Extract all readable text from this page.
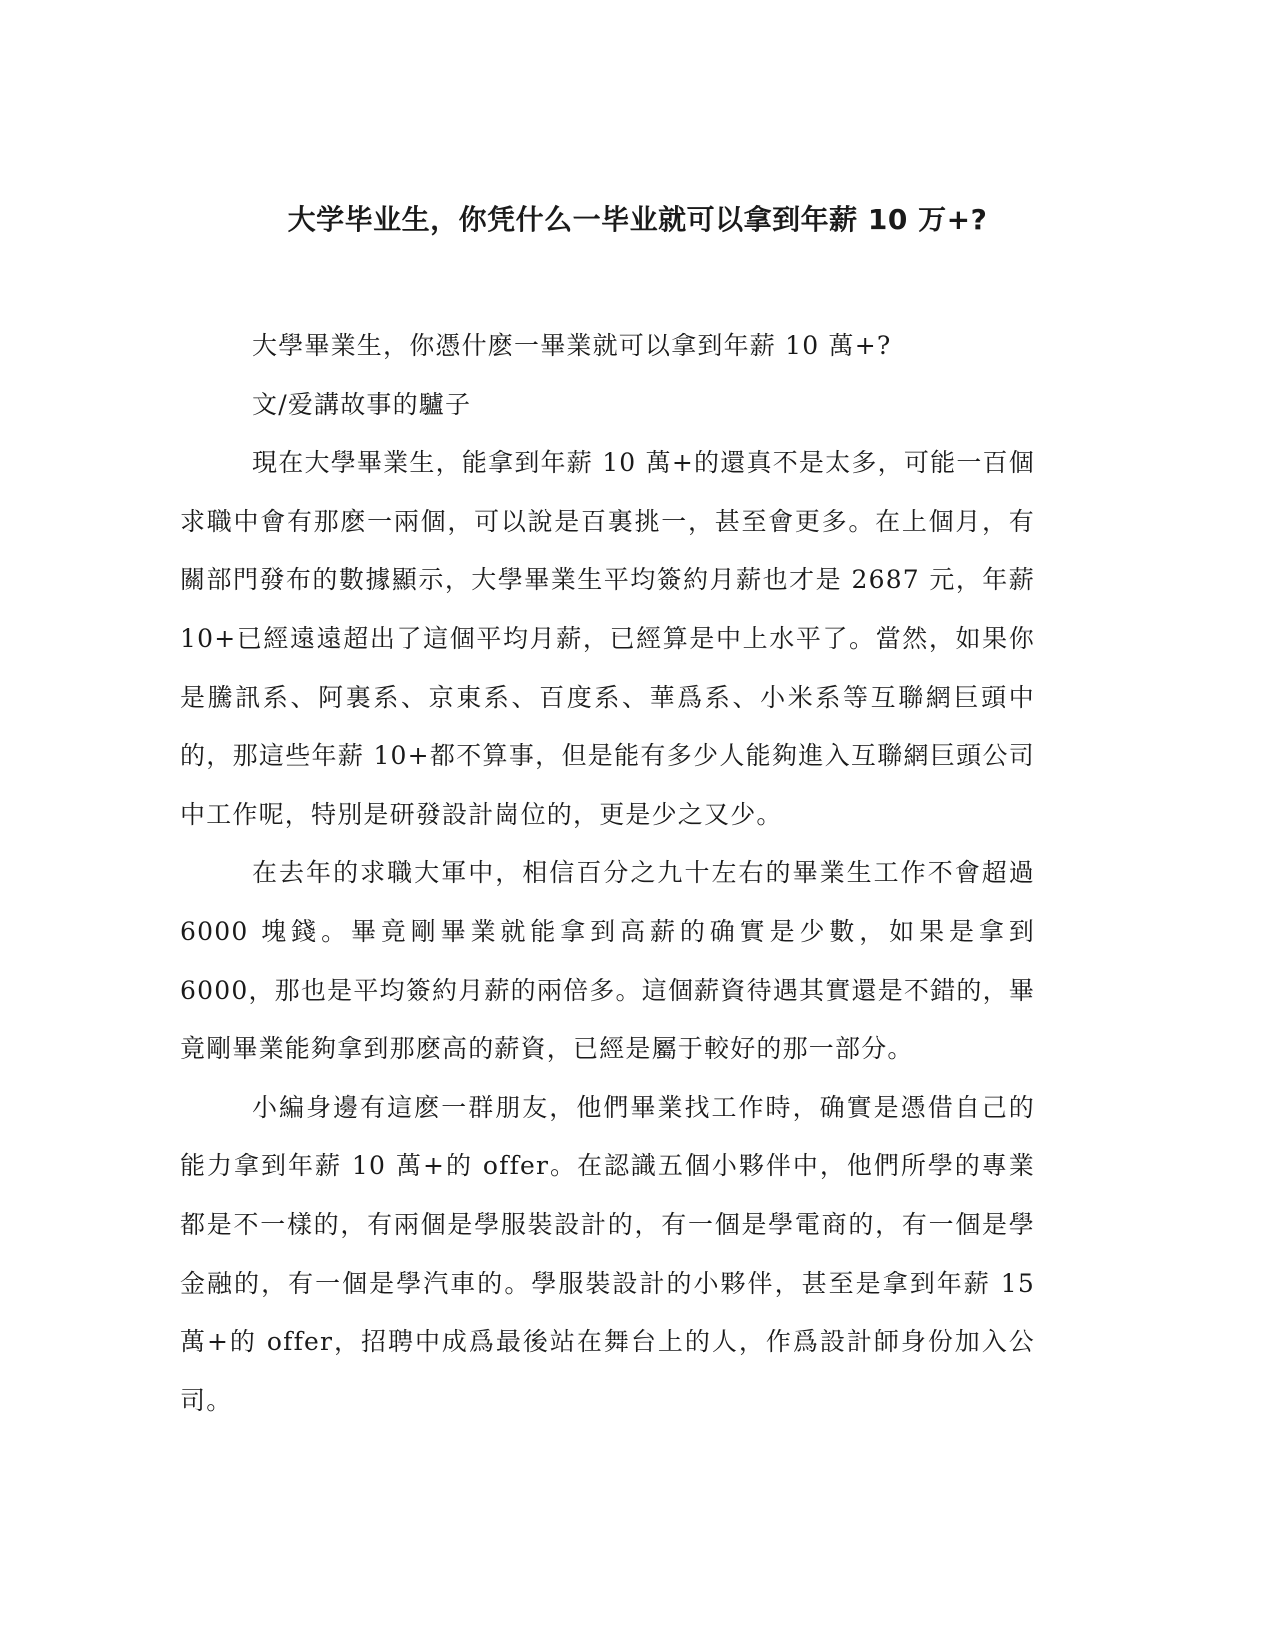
大学毕业生，你凭什么一毕业就可以拿到年薪 10 万+?

大學畢業生，你憑什麽一畢業就可以拿到年薪 10 萬+?

文/爱講故事的驢子

現在大學畢業生，能拿到年薪 10 萬+的還真不是太多，可能一百個求職中會有那麽一兩個，可以說是百裏挑一，甚至會更多。在上個月，有關部門發布的數據顯示，大學畢業生平均簽約月薪也才是 2687 元，年薪 10+已經遠遠超出了這個平均月薪，已經算是中上水平了。當然，如果你是騰訊系、阿裏系、京東系、百度系、華爲系、小米系等互聯網巨頭中的，那這些年薪 10+都不算事，但是能有多少人能夠進入互聯網巨頭公司中工作呢，特別是研發設計崗位的，更是少之又少。

在去年的求職大軍中，相信百分之九十左右的畢業生工作不會超過 6000 塊錢。畢竟剛畢業就能拿到高薪的确實是少數，如果是拿到 6000，那也是平均簽約月薪的兩倍多。這個薪資待遇其實還是不錯的，畢竟剛畢業能夠拿到那麽高的薪資，已經是屬于較好的那一部分。

小編身邊有這麽一群朋友，他們畢業找工作時，确實是憑借自己的能力拿到年薪 10 萬+的 offer。在認識五個小夥伴中，他們所學的專業都是不一樣的，有兩個是學服裝設計的，有一個是學電商的，有一個是學金融的，有一個是學汽車的。學服裝設計的小夥伴，甚至是拿到年薪 15 萬+的 offer，招聘中成爲最後站在舞台上的人，作爲設計師身份加入公司。
